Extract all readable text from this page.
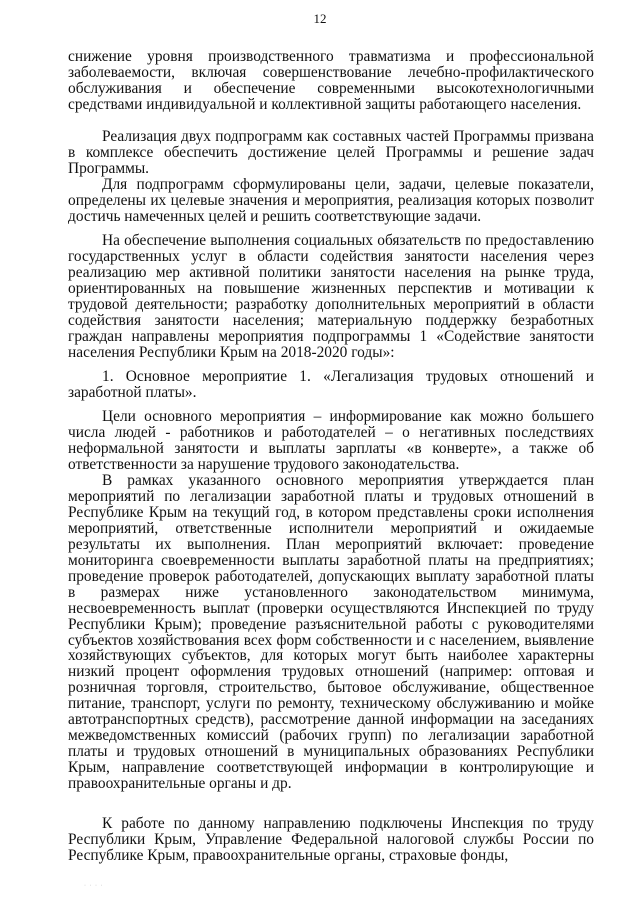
12

снижение уровня производственного травматизма и профессиональной заболеваемости, включая совершенствование лечебно-профилактического обслуживания и обеспечение современными высокотехнологичными средствами индивидуальной и коллективной защиты работающего населения.

Реализация двух подпрограмм как составных частей Программы призвана в комплексе обеспечить достижение целей Программы и решение задач Программы.

Для подпрограмм сформулированы цели, задачи, целевые показатели, определены их целевые значения и мероприятия, реализация которых позволит достичь намеченных целей и решить соответствующие задачи.

На обеспечение выполнения социальных обязательств по предоставлению государственных услуг в области содействия занятости населения через реализацию мер активной политики занятости населения на рынке труда, ориентированных на повышение жизненных перспектив и мотивации к трудовой деятельности; разработку дополнительных мероприятий в области содействия занятости населения; материальную поддержку безработных граждан направлены мероприятия подпрограммы 1 «Содействие занятости населения Республики Крым на 2018-2020 годы»:

1. Основное мероприятие 1. «Легализация трудовых отношений и заработной платы».

Цели основного мероприятия – информирование как можно большего числа людей - работников и работодателей – о негативных последствиях неформальной занятости и выплаты зарплаты «в конверте», а также об ответственности за нарушение трудового законодательства.

В рамках указанного основного мероприятия утверждается план мероприятий по легализации заработной платы и трудовых отношений в Республике Крым на текущий год, в котором представлены сроки исполнения мероприятий, ответственные исполнители мероприятий и ожидаемые результаты их выполнения. План мероприятий включает: проведение мониторинга своевременности выплаты заработной платы на предприятиях; проведение проверок работодателей, допускающих выплату заработной платы в размерах ниже установленного законодательством минимума, несвоевременность выплат (проверки осуществляются Инспекцией по труду Республики Крым); проведение разъяснительной работы с руководителями субъектов хозяйствования всех форм собственности и с населением, выявление хозяйствующих субъектов, для которых могут быть наиболее характерны низкий процент оформления трудовых отношений (например: оптовая и розничная торговля, строительство, бытовое обслуживание, общественное питание, транспорт, услуги по ремонту, техническому обслуживанию и мойке автотранспортных средств), рассмотрение данной информации на заседаниях межведомственных комиссий (рабочих групп) по легализации заработной платы и трудовых отношений в муниципальных образованиях Республики Крым, направление соответствующей информации в контролирующие и правоохранительные органы и др.

К работе по данному направлению подключены Инспекция по труду Республики Крым, Управление Федеральной налоговой службы России по Республике Крым, правоохранительные органы, страховые фонды,

· · · ·
